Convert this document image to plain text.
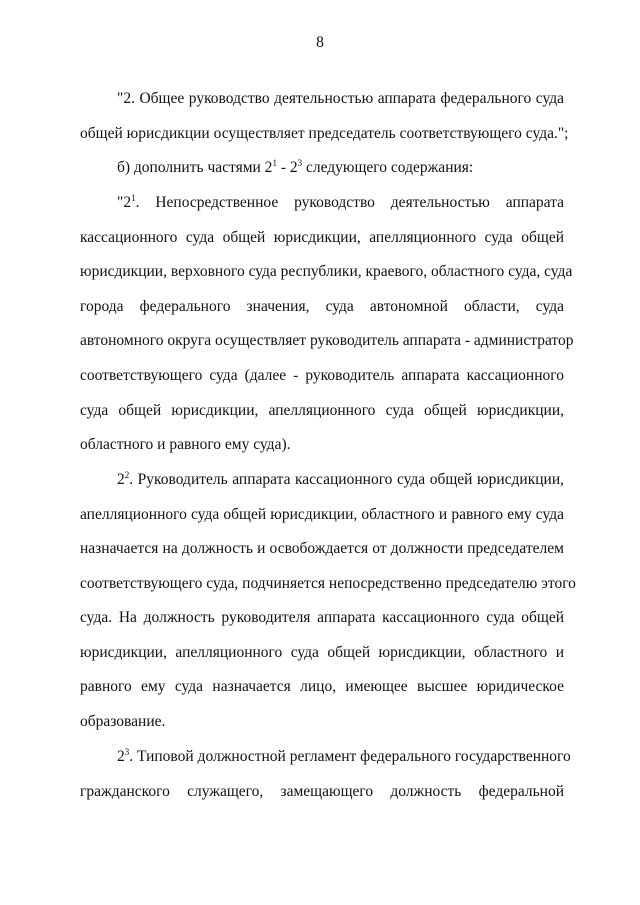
8
"2. Общее руководство деятельностью аппарата федерального суда
общей юрисдикции осуществляет председатель соответствующего суда.";
б) дополнить частями $2^1 - 2^3$ следующего содержания:
"$2^1$. Непосредственное руководство деятельностью аппарата
кассационного суда общей юрисдикции, апелляционного суда общей
юрисдикции, верховного суда республики, краевого, областного суда, суда
города федерального значения, суда автономной области, суда
автономного округа осуществляет руководитель аппарата - администратор
соответствующего суда (далее - руководитель аппарата кассационного
суда общей юрисдикции, апелляционного суда общей юрисдикции,
областного и равного ему суда).
$2^2$. Руководитель аппарата кассационного суда общей юрисдикции,
апелляционного суда общей юрисдикции, областного и равного ему суда
назначается на должность и освобождается от должности председателем
соответствующего суда, подчиняется непосредственно председателю этого
суда. На должность руководителя аппарата кассационного суда общей
юрисдикции, апелляционного суда общей юрисдикции, областного и
равного ему суда назначается лицо, имеющее высшее юридическое
образование.
$2^3$. Типовой должностной регламент федерального государственного
гражданского служащего, замещающего должность федеральной
